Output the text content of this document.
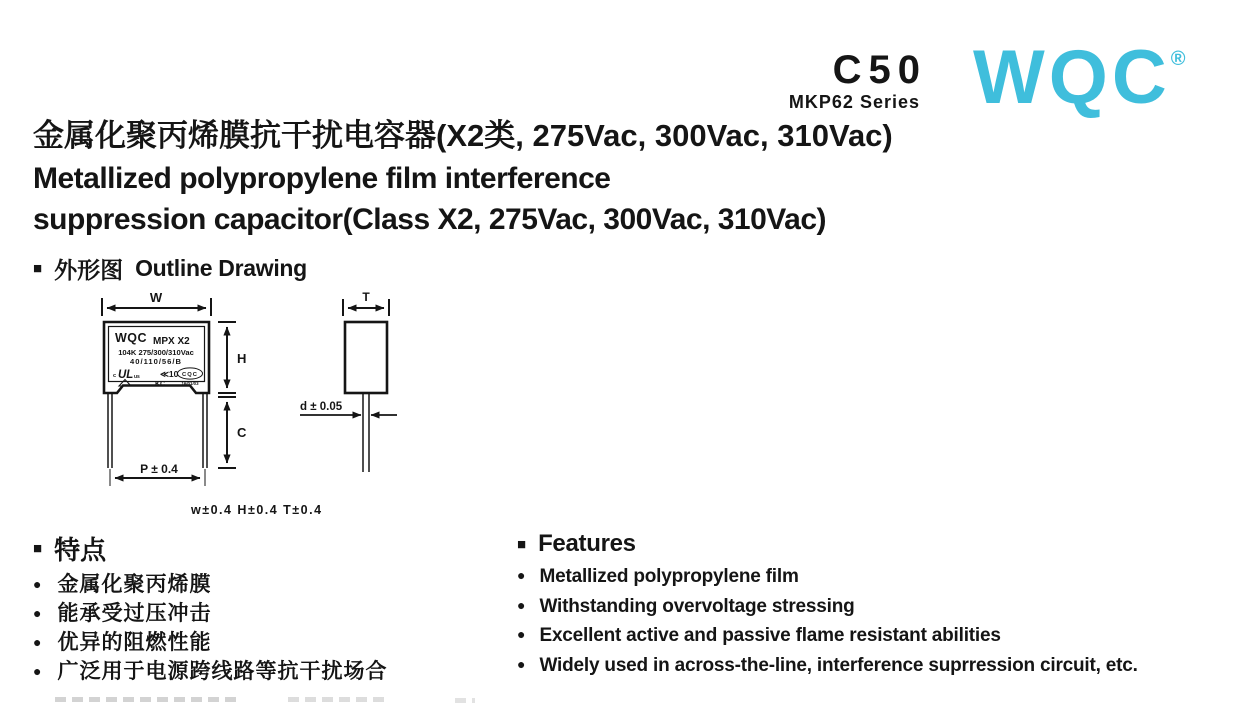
C50
MKP62 Series WQC®
金属化聚丙烯膜抗干扰电容器(X2类, 275Vac, 300Vac, 310Vac)
Metallized polypropylene film interference
suppression capacitor(Class X2, 275Vac, 300Vac, 310Vac)
■ 外形图 Outline Drawing
W
WQC MPX X2
104K 275/300/310Vac
40/110/56/B
c UL us ≪10 CQC
KC	16/01/03
H
C
P ± 0.4
T
d ± 0.05
w±0.4 H±0.4 T±0.4
■ 特点
● 金属化聚丙烯膜
● 能承受过压冲击
● 优异的阻燃性能
● 广泛用于电源跨线路等抗干扰场合
■ Features
● Metallized polypropylene film
● Withstanding overvoltage stressing
● Excellent active and passive flame resistant abilities
● Widely used in across-the-line, interference suprression circuit, etc.
